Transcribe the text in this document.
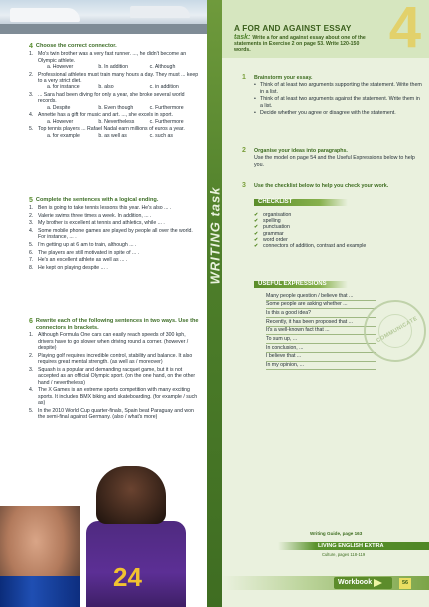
4 Choose the correct connector.
1. Mo's twin brother was a very fast runner. ..., he didn't become an Olympic athlete.
a. However	b. In addition	c. Although
2. Professional athletes must train many hours a day. They must ... keep to a very strict diet.
a. for instance	b. also	c. in addition
3. ... Sara had been diving for only a year, she broke several world records.
a. Despite	b. Even though	c. Furthermore
4. Annette has a gift for music and art. ..., she excels in sport.
a. However	b. Nevertheless	c. Furthermore
5. Top tennis players ... Rafael Nadal earn millions of euros a year.
a. for example	b. as well as	c. such as
5 Complete the sentences with a logical ending.
1. Ben is going to take tennis lessons this year. He's also ... .
2. Valerie swims three times a week. In addition, ... .
3. My brother is excellent at tennis and athletics, while ... .
4. Some mobile phone games are played by people all over the world. For instance, ... .
5. I'm getting up at 6 am to train, although ... .
6. The players are still motivated in spite of ... .
7. He's an excellent athlete as well as ... .
8. He kept on playing despite ... .
6 Rewrite each of the following sentences in two ways. Use the connectors in brackets.
1. Although Formula One cars can easily reach speeds of 300 kph, drivers have to go slower when driving round a corner. (however / despite)
2. Playing golf requires incredible control, stability and balance. It also requires great mental strength. (as well as / moreover)
3. Squash is a popular and demanding racquet game, but it is not accepted as an official Olympic sport. (on the one hand, on the other hand / nevertheless)
4. The X Games is an extreme sports competition with many exciting sports. It includes BMX biking and skateboarding. (for example / such as)
5. In the 2010 World Cup quarter-finals, Spain beat Paraguay and won the semi-final against Germany. (also / what's more)
24
WRITING task
4
A FOR AND AGAINST ESSAY
task: Write a for and against essay about one of the statements in Exercise 2 on page 53. Write 120-150 words.
1	Brainstorm your essay.
• Think of at least two arguments supporting the statement. Write them in a list.
• Think of at least two arguments against the statement. Write them in a list.
• Decide whether you agree or disagree with the statement.
2	Organise your ideas into paragraphs.
Use the model on page 54 and the Useful Expressions below to help you.
3	Use the checklist below to help you check your work.
CHECKLIST
✔ organisation
✔ spelling
✔ punctuation
✔ grammar
✔ word order
✔ connectors of addition, contrast and example
USEFUL EXPRESSIONS
Many people question / believe that ...
Some people are asking whether ...
Is this a good idea?
Recently, it has been proposed that ...
It's a well-known fact that ...
To sum up, ...
In conclusion, ...
I believe that ...
In my opinion, ...
COMMUNICATE
Writing Guide, page 163
LIVING ENGLISH EXTRA
Culture, pages 118-119
Workbook	56
